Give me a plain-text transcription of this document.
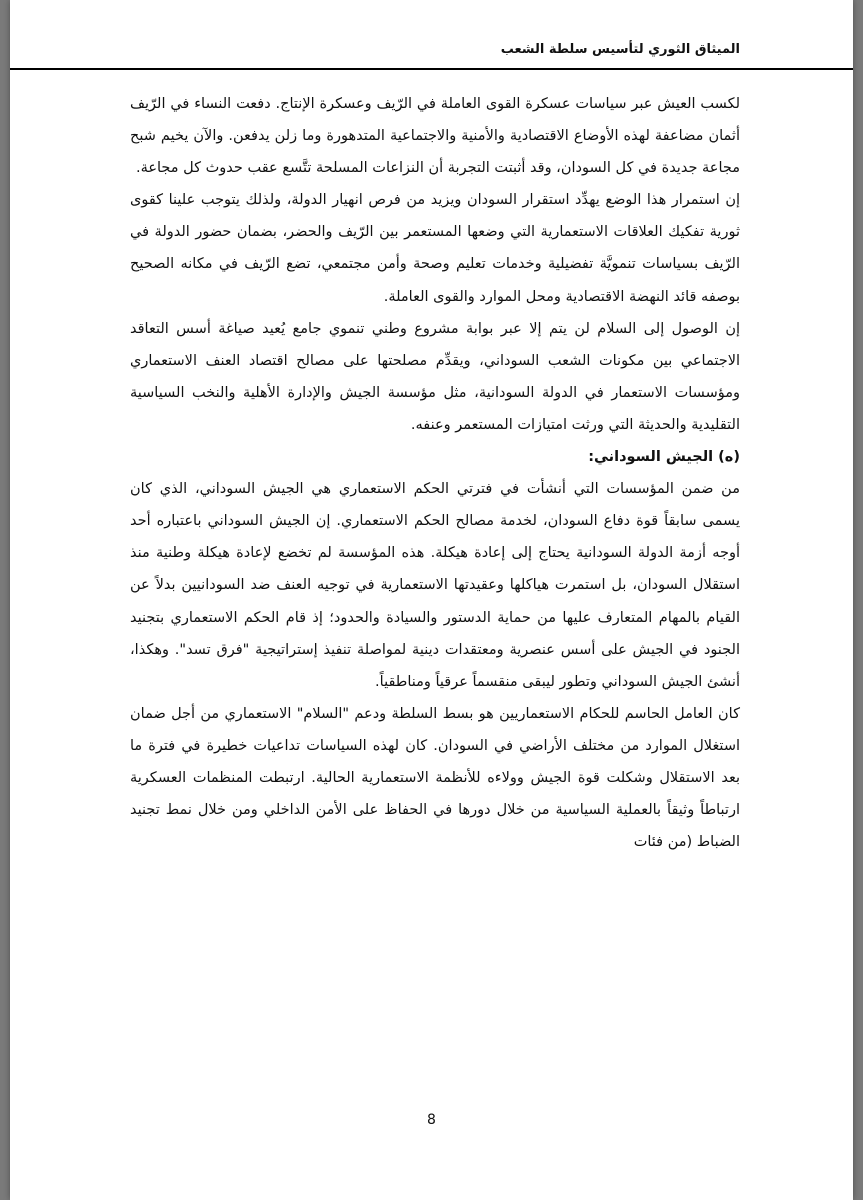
الميثاق الثوري لتأسيس سلطة الشعب

لكسب العيش عبر سياسات عسكرة القوى العاملة في الرّيف وعسكرة الإنتاج. دفعت النساء في الرّيف أثمان مضاعفة لهذه الأوضاع الاقتصادية والأمنية والاجتماعية المتدهورة وما زلن يدفعن. والآن يخيم شبح مجاعة جديدة في كل السودان، وقد أثبتت التجربة أن النزاعات المسلحة تتَّسع عقب حدوث كل مجاعة.

إن استمرار هذا الوضع يهدِّد استقرار السودان ويزيد من فرص انهيار الدولة، ولذلك يتوجب علينا كقوى ثورية تفكيك العلاقات الاستعمارية التي وضعها المستعمر بين الرّيف والحضر، بضمان حضور الدولة في الرّيف بسياسات تنمويَّة تفضيلية وخدمات تعليم وصحة وأمن مجتمعي، تضع الرّيف في مكانه الصحيح بوصفه قائد النهضة الاقتصادية ومحل الموارد والقوى العاملة.

إن الوصول إلى السلام لن يتم إلا عبر بوابة مشروع وطني تنموي جامع يُعيد صياغة أسس التعاقد الاجتماعي بين مكونات الشعب السوداني، ويقدِّم مصلحتها على مصالح اقتصاد العنف الاستعماري ومؤسسات الاستعمار في الدولة السودانية، مثل مؤسسة الجيش والإدارة الأهلية والنخب السياسية التقليدية والحديثة التي ورثت امتيازات المستعمر وعنفه.

(ه) الجيش السوداني:

من ضمن المؤسسات التي أنشأت في فترتي الحكم الاستعماري هي الجيش السوداني، الذي كان يسمى سابقاً قوة دفاع السودان، لخدمة مصالح الحكم الاستعماري. إن الجيش السوداني باعتباره أحد أوجه أزمة الدولة السودانية يحتاج إلى إعادة هيكلة. هذه المؤسسة لم تخضع لإعادة هيكلة وطنية منذ استقلال السودان، بل استمرت هياكلها وعقيدتها الاستعمارية في توجيه العنف ضد السودانيين بدلاً عن القيام بالمهام المتعارف عليها من حماية الدستور والسيادة والحدود؛ إذ قام الحكم الاستعماري بتجنيد الجنود في الجيش على أسس عنصرية ومعتقدات دينية لمواصلة تنفيذ إستراتيجية "فرق تسد". وهكذا، أنشئ الجيش السوداني وتطور ليبقى منقسماً عرقياً ومناطقياً.

كان العامل الحاسم للحكام الاستعماريين هو بسط السلطة ودعم "السلام" الاستعماري من أجل ضمان استغلال الموارد من مختلف الأراضي في السودان. كان لهذه السياسات تداعيات خطيرة في فترة ما بعد الاستقلال وشكلت قوة الجيش وولاءه للأنظمة الاستعمارية الحالية. ارتبطت المنظمات العسكرية ارتباطاً وثيقاً بالعملية السياسية من خلال دورها في الحفاظ على الأمن الداخلي ومن خلال نمط تجنيد الضباط (من فئات

8
